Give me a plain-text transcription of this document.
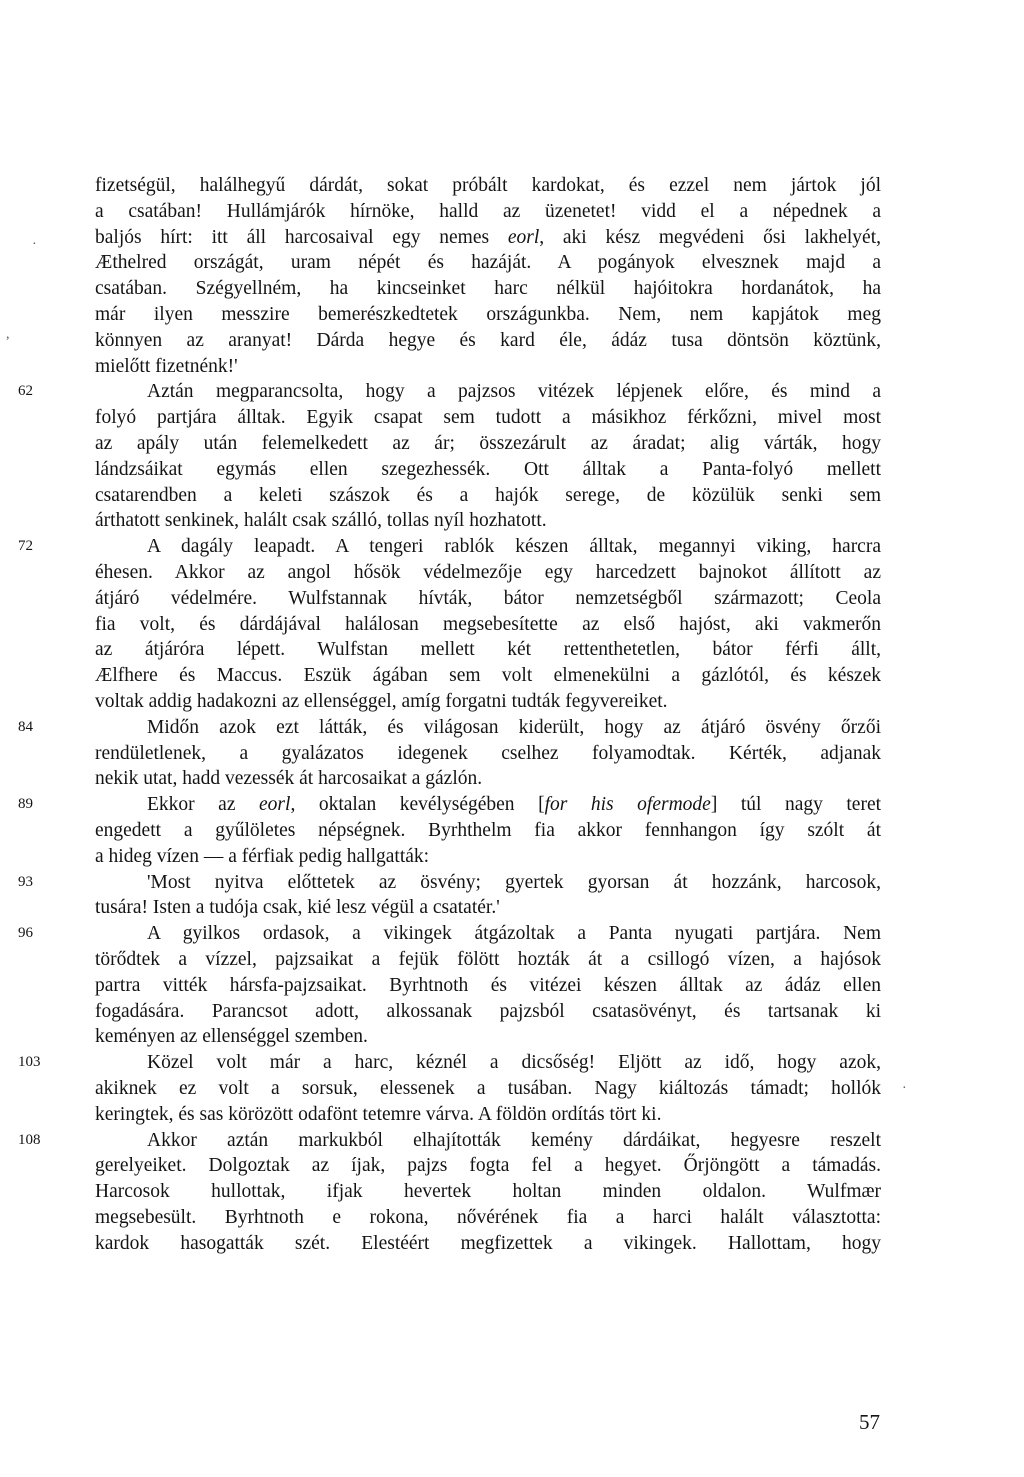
fizetségül, halálhegyű dárdát, sokat próbált kardokat, és ezzel nem jártok jól
a csatában! Hullámjárók hírnöke, halld az üzenetet! vidd el a népednek a
baljós hírt: itt áll harcosaival egy nemes eorl, aki kész megvédeni ősi lakhelyét,
Æthelred országát, uram népét és hazáját. A pogányok elvesznek majd a
csatában. Szégyellném, ha kincseinket harc nélkül hajóitokra hordanátok, ha
már ilyen messzire bemerészkedtetek országunkba. Nem, nem kapjátok meg
könnyen az aranyat! Dárda hegye és kard éle, ádáz tusa döntsön köztünk,
mielőtt fizetnénk!'
Aztán megparancsolta, hogy a pajzsos vitézek lépjenek előre, és mind a
folyó partjára álltak. Egyik csapat sem tudott a másikhoz férkőzni, mivel most
az apály után felemelkedett az ár; összezárult az áradat; alig várták, hogy
lándzsáikat egymás ellen szegezhessék. Ott álltak a Panta-folyó mellett
csatarendben a keleti szászok és a hajók serege, de közülük senki sem
árthatott senkinek, halált csak szálló, tollas nyíl hozhatott.
62
A dagály leapadt. A tengeri rablók készen álltak, megannyi viking, harcra
éhesen. Akkor az angol hősök védelmezője egy harcedzett bajnokot állított az
átjáró védelmére. Wulfstannak hívták, bátor nemzetségből származott; Ceola
fia volt, és dárdájával halálosan megsebesítette az első hajóst, aki vakmerőn
az átjáróra lépett. Wulfstan mellett két rettenthetetlen, bátor férfi állt,
Ælfhere és Maccus. Eszük ágában sem volt elmenekülni a gázlótól, és készek
voltak addig hadakozni az ellenséggel, amíg forgatni tudták fegyvereiket.
72
Midőn azok ezt látták, és világosan kiderült, hogy az átjáró ösvény őrzői
rendületlenek, a gyalázatos idegenek cselhez folyamodtak. Kérték, adjanak
nekik utat, hadd vezessék át harcosaikat a gázlón.
84
Ekkor az eorl, oktalan kevélységében [for his ofermode] túl nagy teret
engedett a gyűlöletes népségnek. Byrhthelm fia akkor fennhangon így szólt át
a hideg vízen — a férfiak pedig hallgatták:
89
'Most nyitva előttetek az ösvény; gyertek gyorsan át hozzánk, harcosok,
tusára! Isten a tudója csak, kié lesz végül a csatatér.'
93
A gyilkos ordasok, a vikingek átgázoltak a Panta nyugati partjára. Nem
törődtek a vízzel, pajzsaikat a fejük fölött hozták át a csillogó vízen, a hajósok
partra vitték hársfa-pajzsaikat. Byrhtnoth és vitézei készen álltak az ádáz ellen
fogadására. Parancsot adott, alkossanak pajzsból csatasövényt, és tartsanak ki
keményen az ellenséggel szemben.
96
Közel volt már a harc, kéznél a dicsőség! Eljött az idő, hogy azok,
akiknek ez volt a sorsuk, elessenek a tusában. Nagy kiáltozás támadt; hollók
keringtek, és sas körözött odafönt tetemre várva. A földön ordítás tört ki.
103
Akkor aztán markukból elhajították kemény dárdáikat, hegyesre reszelt
gerelyeiket. Dolgoztak az íjak, pajzs fogta fel a hegyet. Őrjöngött a támadás.
Harcosok hullottak, ifjak hevertek holtan minden oldalon. Wulfmær
megsebesült. Byrhtnoth e rokona, nővérének fia a harci halált választotta:
kardok hasogatták szét. Elestéért megfizettek a vikingek. Hallottam, hogy
108
,
·
·
57
